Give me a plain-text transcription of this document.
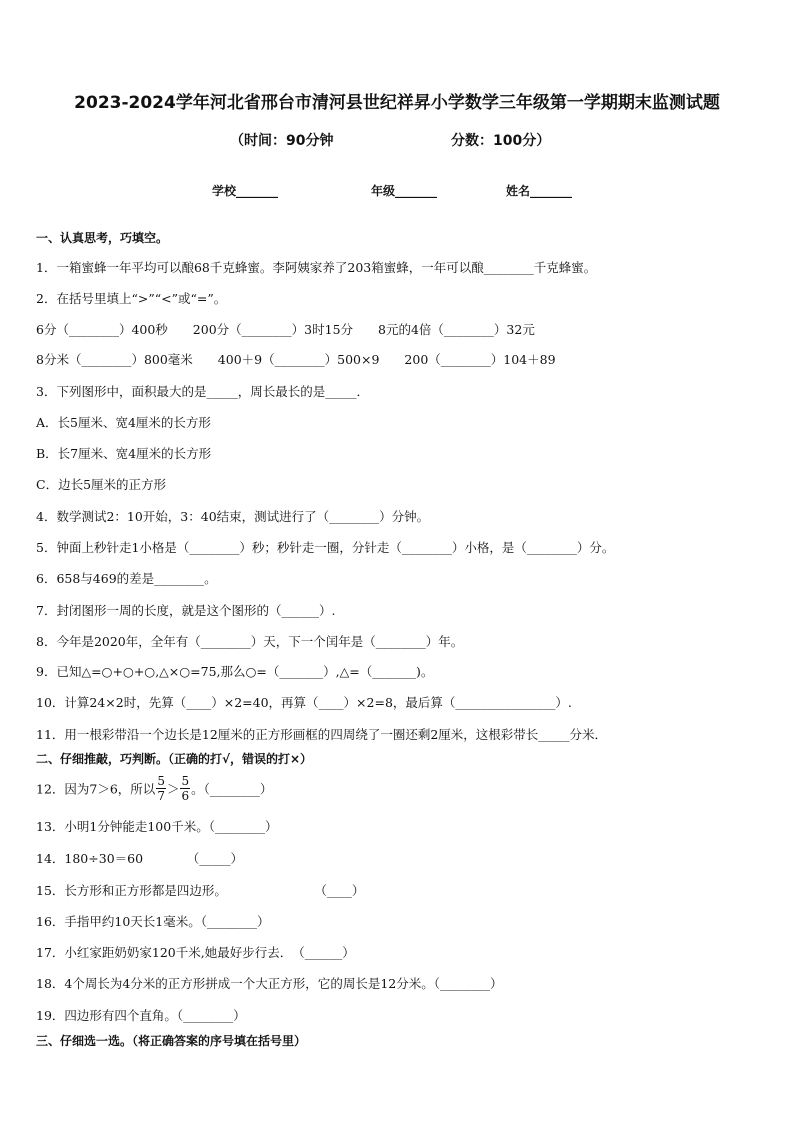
2023-2024学年河北省邢台市清河县世纪祥昇小学数学三年级第一学期期末监测试题
（时间：90分钟	分数：100分）
学校_______	年级_______	姓名_______
一、认真思考，巧填空。
1．一箱蜜蜂一年平均可以酿68千克蜂蜜。李阿姨家养了203箱蜜蜂，一年可以酿________千克蜂蜜。
2．在括号里填上“>”“<”或“=”。
6分（________）400秒　　200分（________）3时15分　　8元的4倍（________）32元
8分米（________）800毫米　　400＋9（________）500×9　　200（________）104＋89
3．下列图形中，面积最大的是_____，周长最长的是_____．
A．长5厘米、宽4厘米的长方形
B．长7厘米、宽4厘米的长方形
C．边长5厘米的正方形
4．数学测试2：10开始，3：40结束，测试进行了（________）分钟。
5．钟面上秒针走1小格是（________）秒；秒针走一圈，分针走（________）小格，是（________）分。
6．658与469的差是________。
7．封闭图形一周的长度，就是这个图形的（______）.
8．今年是2020年，全年有（________）天，下一个闰年是（________）年。
9．已知△=○+○+○,△×○=75,那么○=（_______）,△=（_______)。
10．计算24×2时，先算（____）×2=40，再算（____）×2=8，最后算（________________）.
11．用一根彩带沿一个边长是12厘米的正方形画框的四周绕了一圈还剩2厘米，这根彩带长_____分米．
二、仔细推敲，巧判断。（正确的打√，错误的打×）
12．因为7＞6，所以 $\frac{5}{7} > \frac{5}{6}$ 。（________）
13．小明1分钟能走100千米。（________）
14．180÷30＝60　　　　（_____）
15．长方形和正方形都是四边形。　　　　　　　　（____）
16．手指甲约10天长1毫米。（________）
17．小红家距奶奶家120千米,她最好步行去．　（______）
18．4个周长为4分米的正方形拼成一个大正方形，它的周长是12分米。（________）
19．四边形有四个直角。（________）
三、仔细选一选。（将正确答案的序号填在括号里）
